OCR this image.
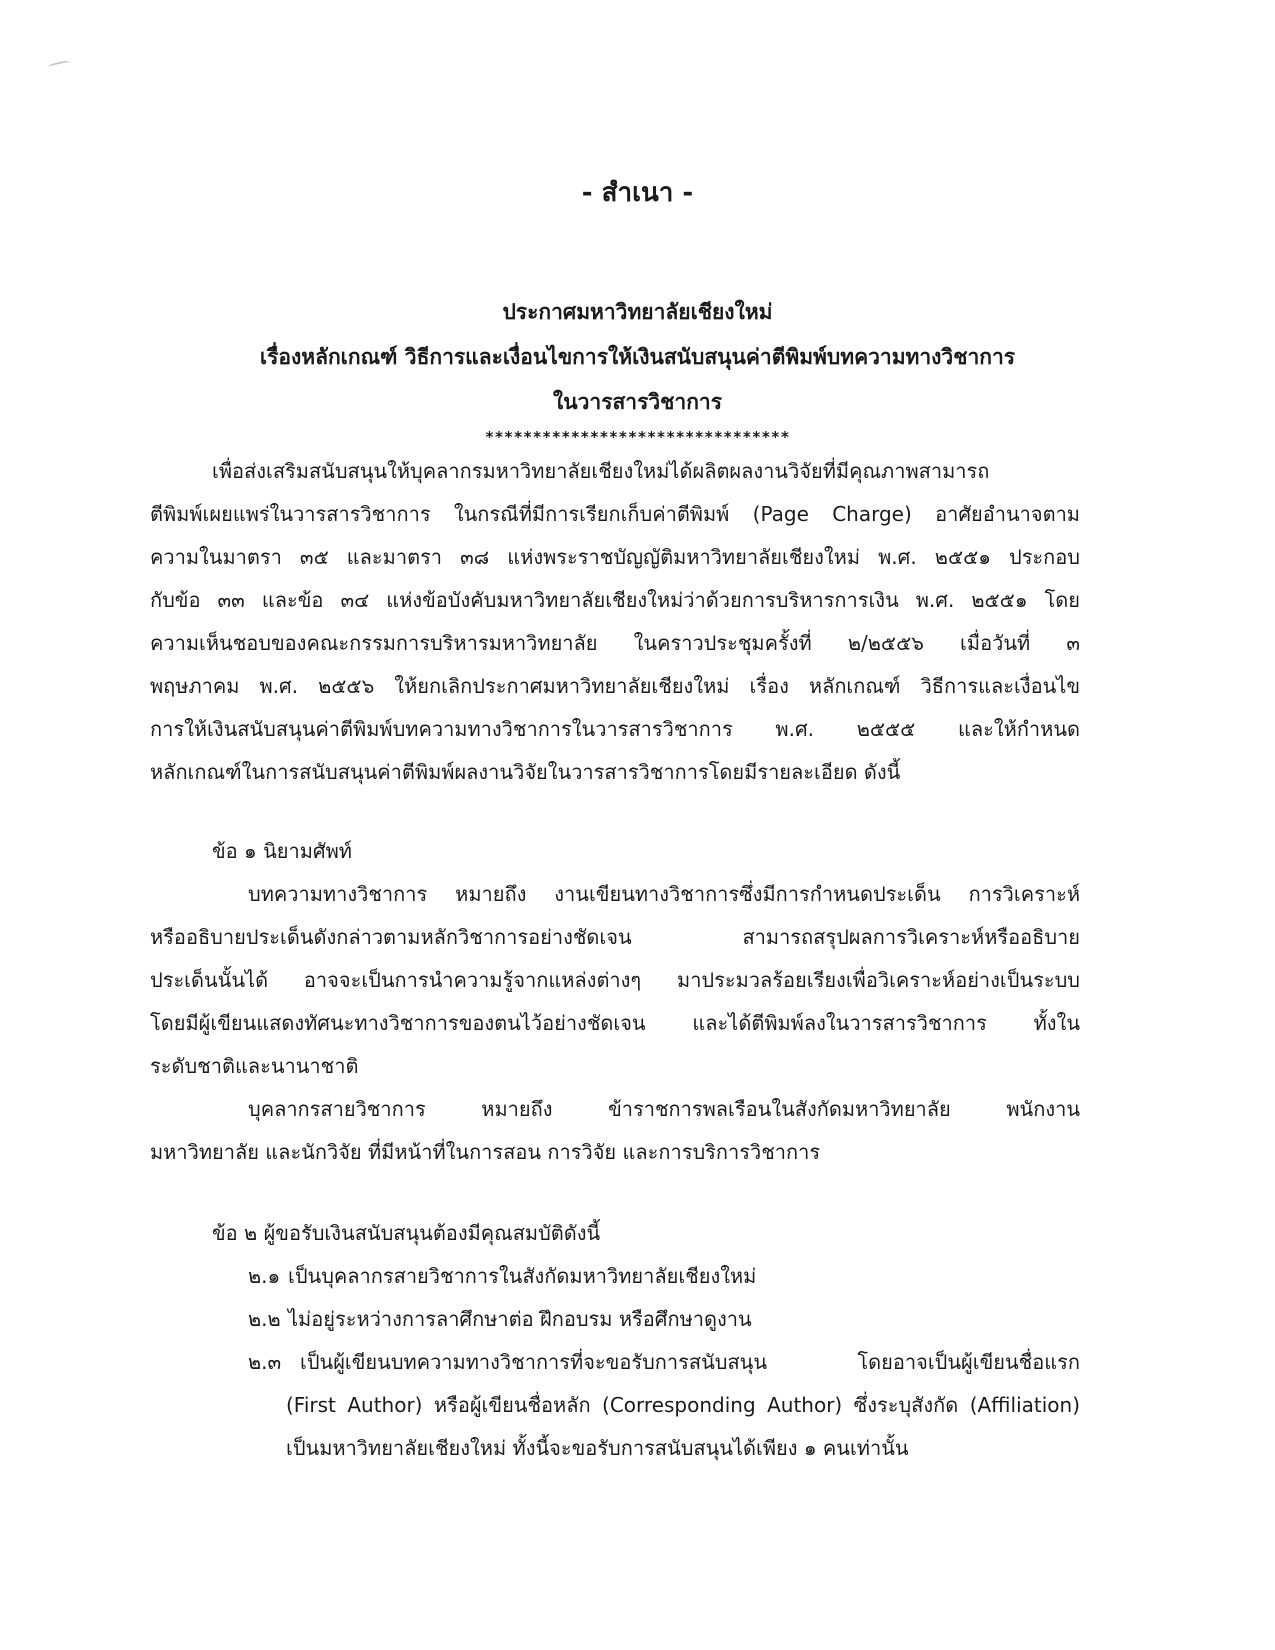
- สำเนา -
ประกาศมหาวิทยาลัยเชียงใหม่
เรื่องหลักเกณฑ์ วิธีการและเงื่อนไขการให้เงินสนับสนุนค่าตีพิมพ์บทความทางวิชาการ
ในวารสารวิชาการ
********************************
เพื่อส่งเสริมสนับสนุนให้บุคลากรมหาวิทยาลัยเชียงใหม่ได้ผลิตผลงานวิจัยที่มีคุณภาพสามารถ
ตีพิมพ์เผยแพร่ในวารสารวิชาการ ในกรณีที่มีการเรียกเก็บค่าตีพิมพ์ (Page Charge) อาศัยอำนาจตาม
ความในมาตรา ๓๕ และมาตรา ๓๘ แห่งพระราชบัญญัติมหาวิทยาลัยเชียงใหม่ พ.ศ. ๒๕๕๑ ประกอบ
กับข้อ ๓๓ และข้อ ๓๔ แห่งข้อบังคับมหาวิทยาลัยเชียงใหม่ว่าด้วยการบริหารการเงิน พ.ศ. ๒๕๕๑ โดย
ความเห็นชอบของคณะกรรมการบริหารมหาวิทยาลัย ในคราวประชุมครั้งที่ ๒/๒๕๕๖ เมื่อวันที่ ๓
พฤษภาคม พ.ศ. ๒๕๕๖ ให้ยกเลิกประกาศมหาวิทยาลัยเชียงใหม่ เรื่อง หลักเกณฑ์ วิธีการและเงื่อนไข
การให้เงินสนับสนุนค่าตีพิมพ์บทความทางวิชาการในวารสารวิชาการ พ.ศ. ๒๕๕๕ และให้กำหนด
หลักเกณฑ์ในการสนับสนุนค่าตีพิมพ์ผลงานวิจัยในวารสารวิชาการโดยมีรายละเอียด ดังนี้
ข้อ ๑ นิยามศัพท์
บทความทางวิชาการ หมายถึง งานเขียนทางวิชาการซึ่งมีการกำหนดประเด็น การวิเคราะห์
หรืออธิบายประเด็นดังกล่าวตามหลักวิชาการอย่างชัดเจน สามารถสรุปผลการวิเคราะห์หรืออธิบาย
ประเด็นนั้นได้ อาจจะเป็นการนำความรู้จากแหล่งต่างๆ มาประมวลร้อยเรียงเพื่อวิเคราะห์อย่างเป็นระบบ
โดยมีผู้เขียนแสดงทัศนะทางวิชาการของตนไว้อย่างชัดเจน และได้ตีพิมพ์ลงในวารสารวิชาการ ทั้งใน
ระดับชาติและนานาชาติ
บุคลากรสายวิชาการ หมายถึง ข้าราชการพลเรือนในสังกัดมหาวิทยาลัย พนักงาน
มหาวิทยาลัย และนักวิจัย ที่มีหน้าที่ในการสอน การวิจัย และการบริการวิชาการ
ข้อ ๒ ผู้ขอรับเงินสนับสนุนต้องมีคุณสมบัติดังนี้
๒.๑ เป็นบุคลากรสายวิชาการในสังกัดมหาวิทยาลัยเชียงใหม่
๒.๒ ไม่อยู่ระหว่างการลาศึกษาต่อ ฝึกอบรม หรือศึกษาดูงาน
๒.๓ เป็นผู้เขียนบทความทางวิชาการที่จะขอรับการสนับสนุน โดยอาจเป็นผู้เขียนชื่อแรก
(First Author) หรือผู้เขียนชื่อหลัก (Corresponding Author) ซึ่งระบุสังกัด (Affiliation)
เป็นมหาวิทยาลัยเชียงใหม่ ทั้งนี้จะขอรับการสนับสนุนได้เพียง ๑ คนเท่านั้น
